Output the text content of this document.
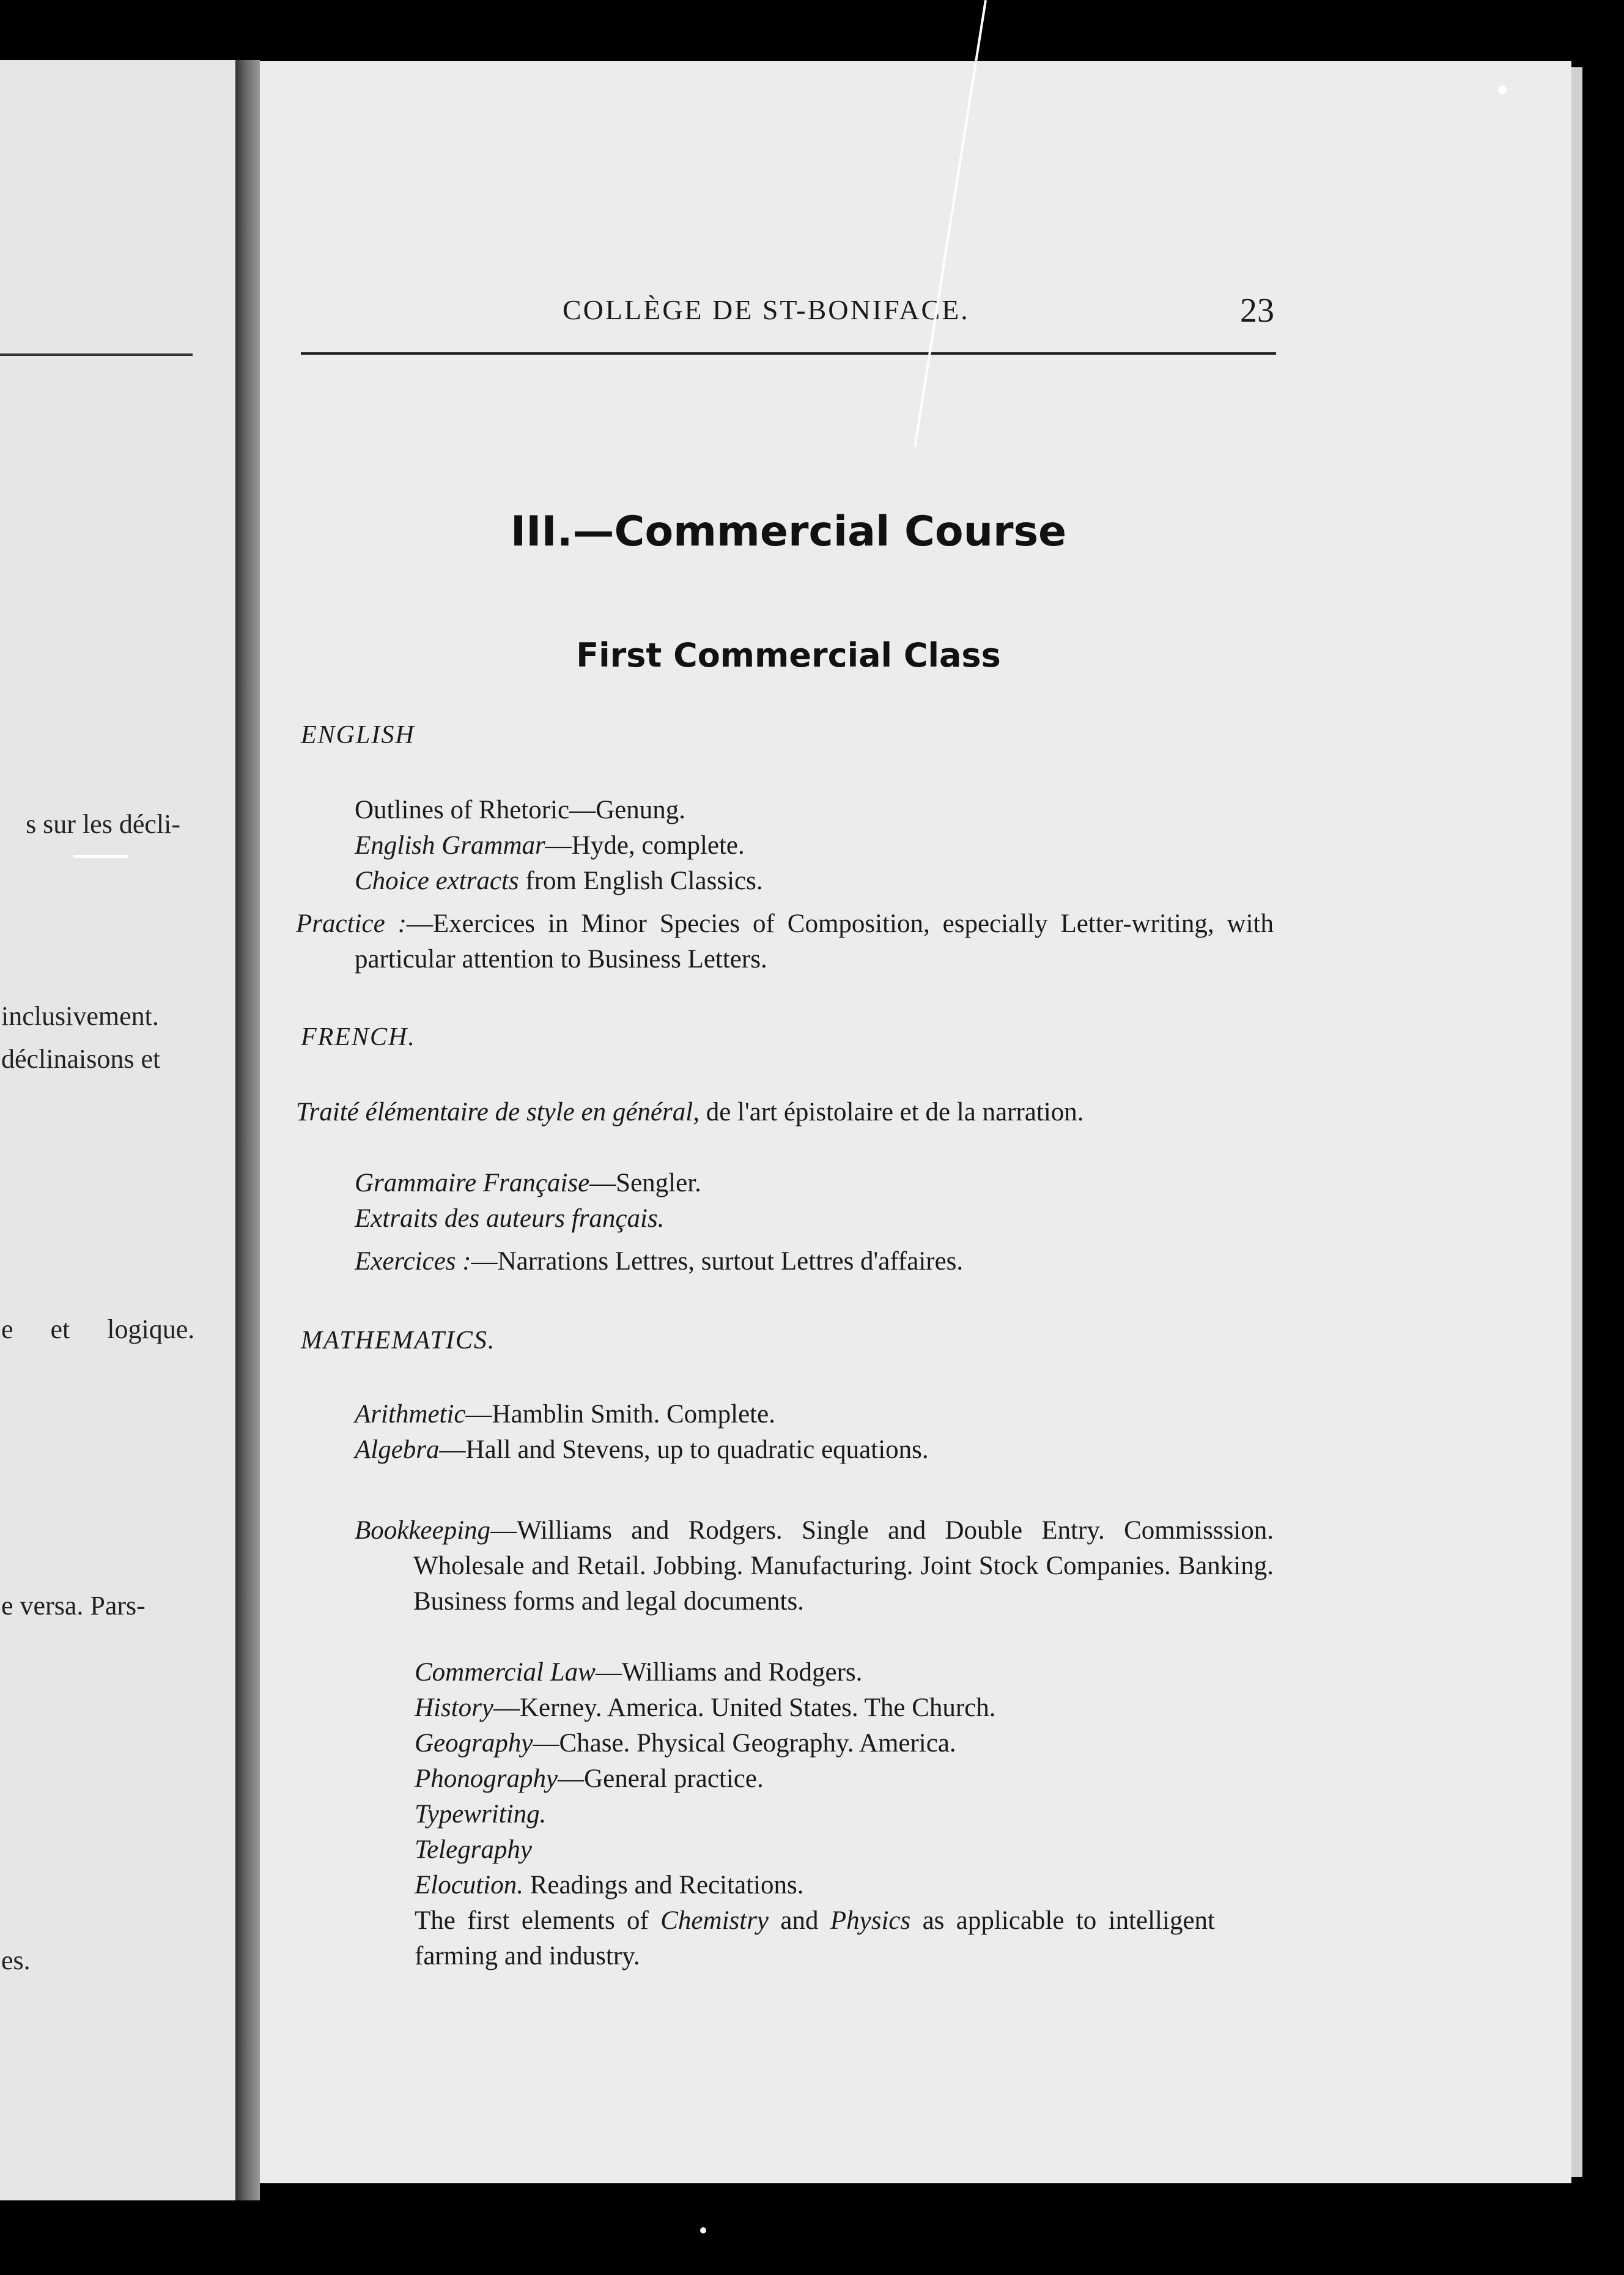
s sur les décli-
inclusivement.
déclinaisons et
e et logique.
e versa. Pars-
es.
COLLÈGE DE ST-BONIFACE.	23
III.—Commercial Course
First Commercial Class
ENGLISH
Outlines of Rhetoric—Genung.
English Grammar—Hyde, complete.
Choice extracts from English Classics.
Practice :—Exercices in Minor Species of Composition, especially Letter-writing, with particular attention to Business Letters.
FRENCH.
Traité élémentaire de style en général, de l'art épistolaire et de la narration.
Grammaire Française—Sengler.
Extraits des auteurs français.
Exercices :—Narrations Lettres, surtout Lettres d'affaires.
MATHEMATICS.
Arithmetic—Hamblin Smith. Complete.
Algebra—Hall and Stevens, up to quadratic equations.
Bookkeeping—Williams and Rodgers. Single and Double Entry. Commisssion. Wholesale and Retail. Jobbing. Manufacturing. Joint Stock Companies. Banking. Business forms and legal documents.
Commercial Law—Williams and Rodgers.
History—Kerney. America. United States. The Church.
Geography—Chase. Physical Geography. America.
Phonography—General practice.
Typewriting.
Telegraphy
Elocution. Readings and Recitations.
The first elements of Chemistry and Physics as applicable to intelligent farming and industry.
